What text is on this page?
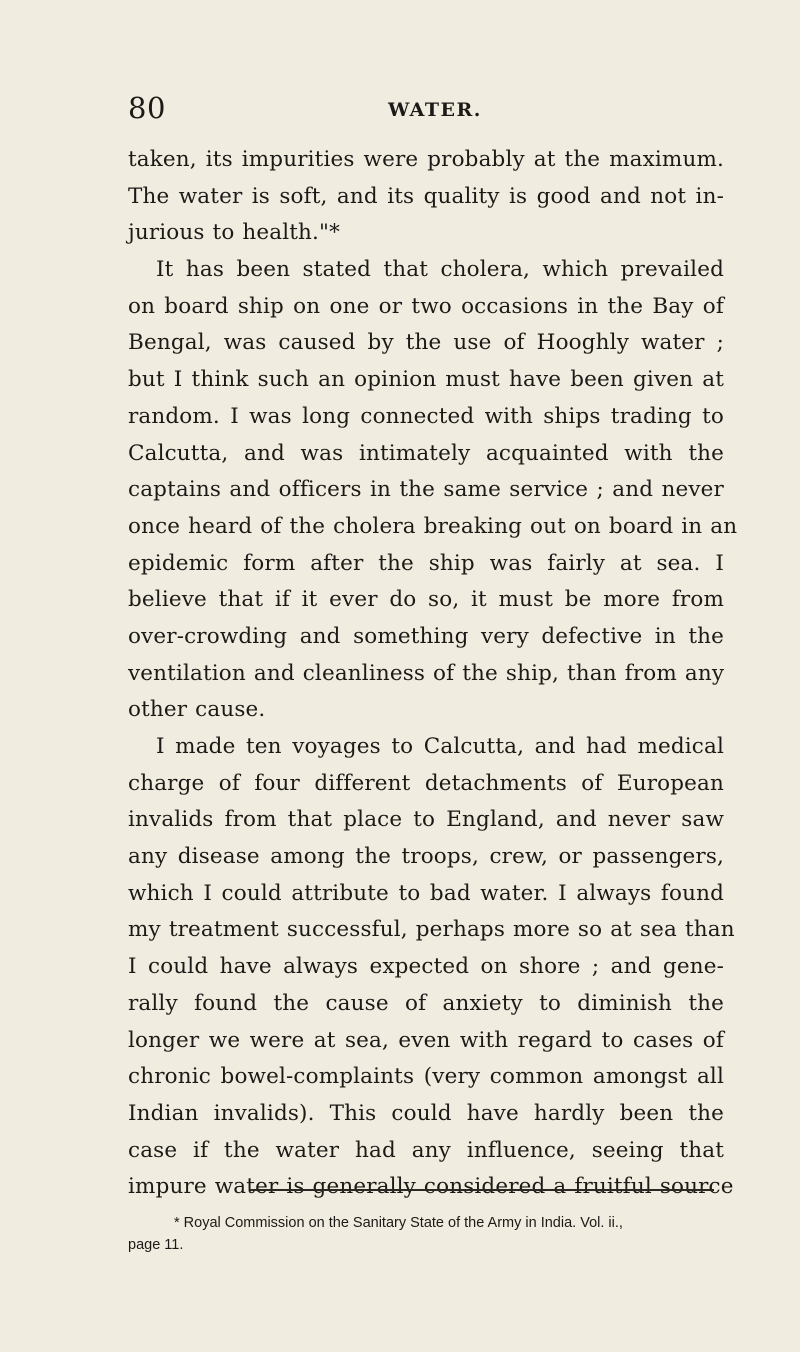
80	WATER.
taken, its impurities were probably at the maximum.
The water is soft, and its quality is good and not in-
jurious to health."*
It has been stated that cholera, which prevailed
on board ship on one or two occasions in the Bay of
Bengal, was caused by the use of Hooghly water ;
but I think such an opinion must have been given at
random. I was long connected with ships trading to
Calcutta, and was intimately acquainted with the
captains and officers in the same service ; and never
once heard of the cholera breaking out on board in an
epidemic form after the ship was fairly at sea. I
believe that if it ever do so, it must be more from
over-crowding and something very defective in the
ventilation and cleanliness of the ship, than from any
other cause.
I made ten voyages to Calcutta, and had medical
charge of four different detachments of European
invalids from that place to England, and never saw
any disease among the troops, crew, or passengers,
which I could attribute to bad water. I always found
my treatment successful, perhaps more so at sea than
I could have always expected on shore ; and gene-
rally found the cause of anxiety to diminish the
longer we were at sea, even with regard to cases of
chronic bowel-complaints (very common amongst all
Indian invalids). This could have hardly been the
case if the water had any influence, seeing that
impure water is generally considered a fruitful source
* Royal Commission on the Sanitary State of the Army in India. Vol. ii.,
page 11.
